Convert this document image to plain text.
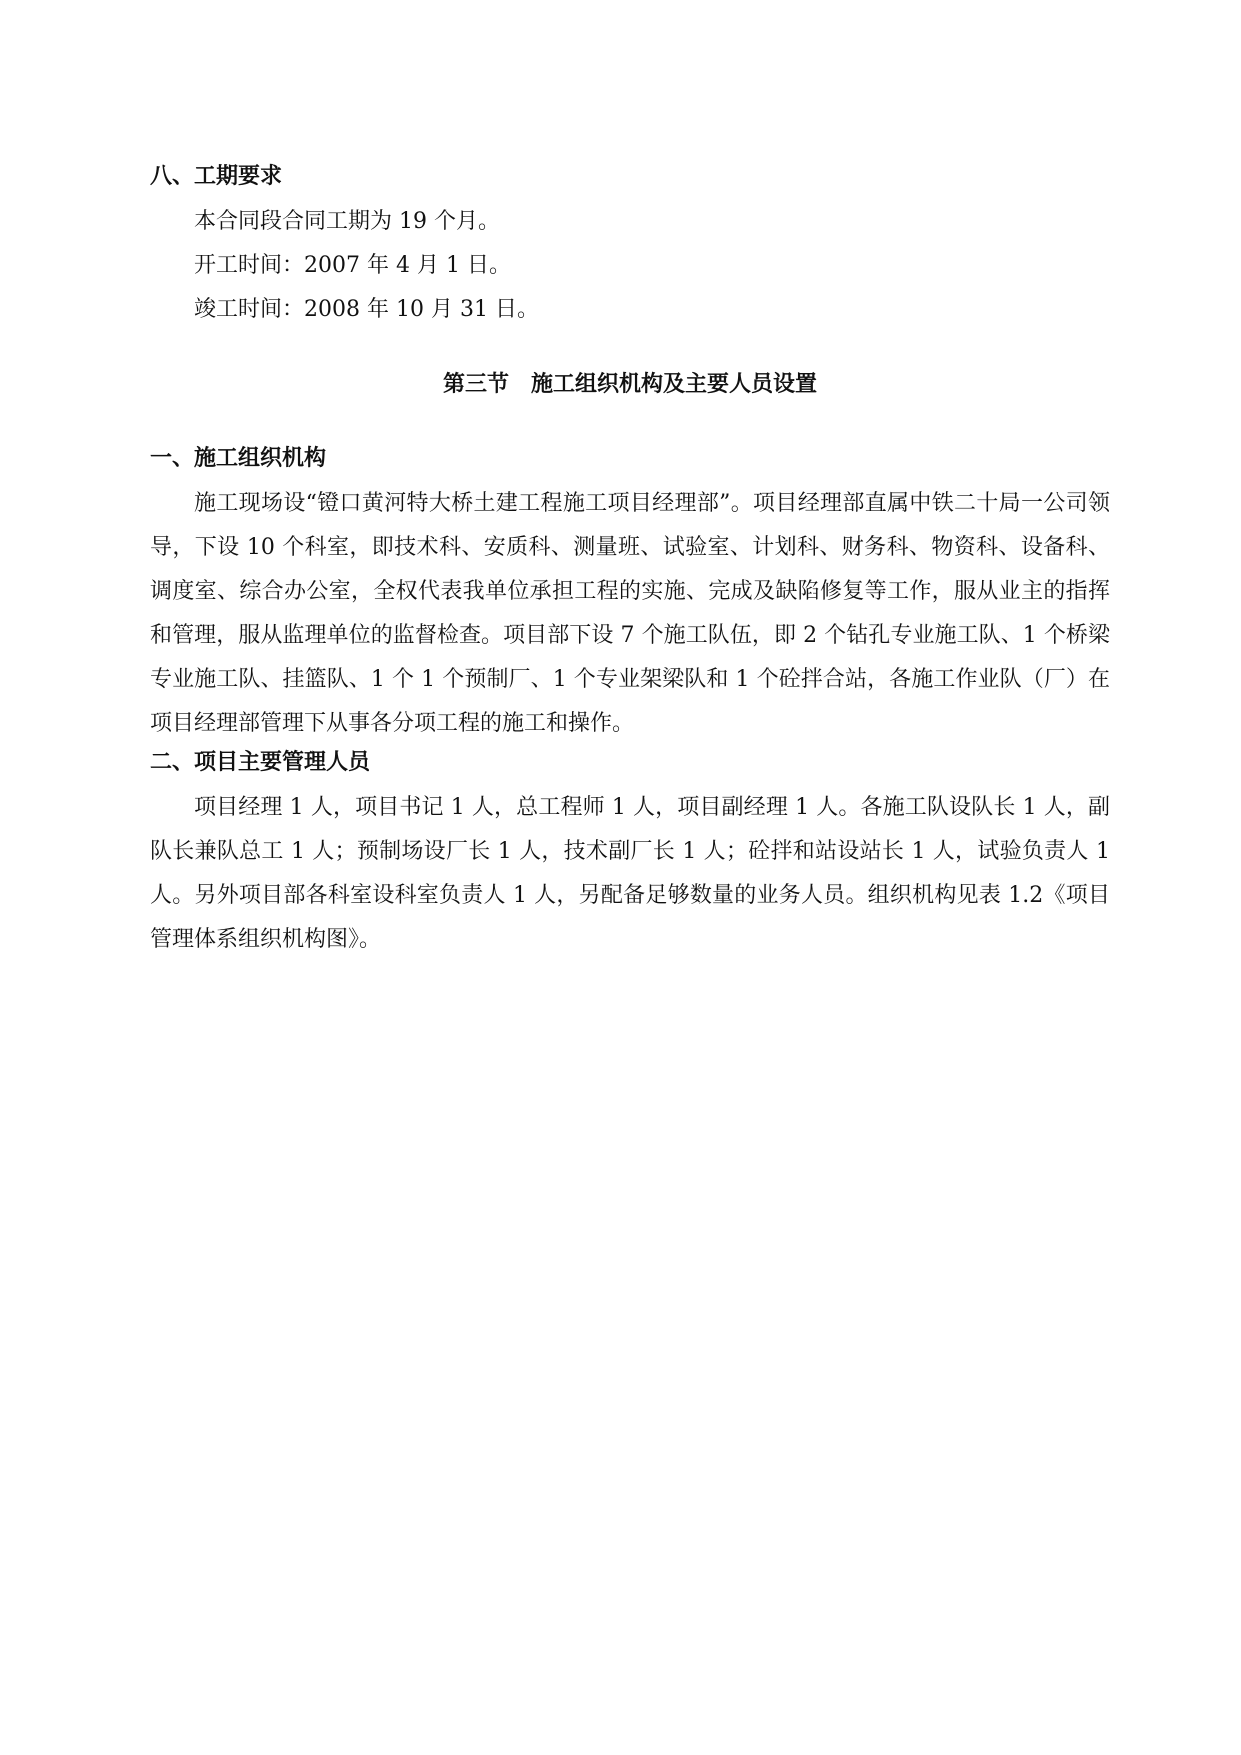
八、工期要求

本合同段合同工期为 19 个月。

开工时间：2007 年 4 月 1 日。

竣工时间：2008 年 10 月 31 日。

第三节　施工组织机构及主要人员设置

一、施工组织机构

施工现场设“镫口黄河特大桥土建工程施工项目经理部”。项目经理部直属中铁二十局一公司领导，下设 10 个科室，即技术科、安质科、测量班、试验室、计划科、财务科、物资科、设备科、调度室、综合办公室，全权代表我单位承担工程的实施、完成及缺陷修复等工作，服从业主的指挥和管理，服从监理单位的监督检查。项目部下设 7 个施工队伍，即 2 个钻孔专业施工队、1 个桥梁专业施工队、挂篮队、1 个 1 个预制厂、1 个专业架梁队和 1 个砼拌合站，各施工作业队（厂）在项目经理部管理下从事各分项工程的施工和操作。

二、项目主要管理人员

项目经理 1 人，项目书记 1 人，总工程师 1 人，项目副经理 1 人。各施工队设队长 1 人，副队长兼队总工 1 人；预制场设厂长 1 人，技术副厂长 1 人；砼拌和站设站长 1 人，试验负责人 1 人。另外项目部各科室设科室负责人 1 人，另配备足够数量的业务人员。组织机构见表 1.2《项目管理体系组织机构图》。
